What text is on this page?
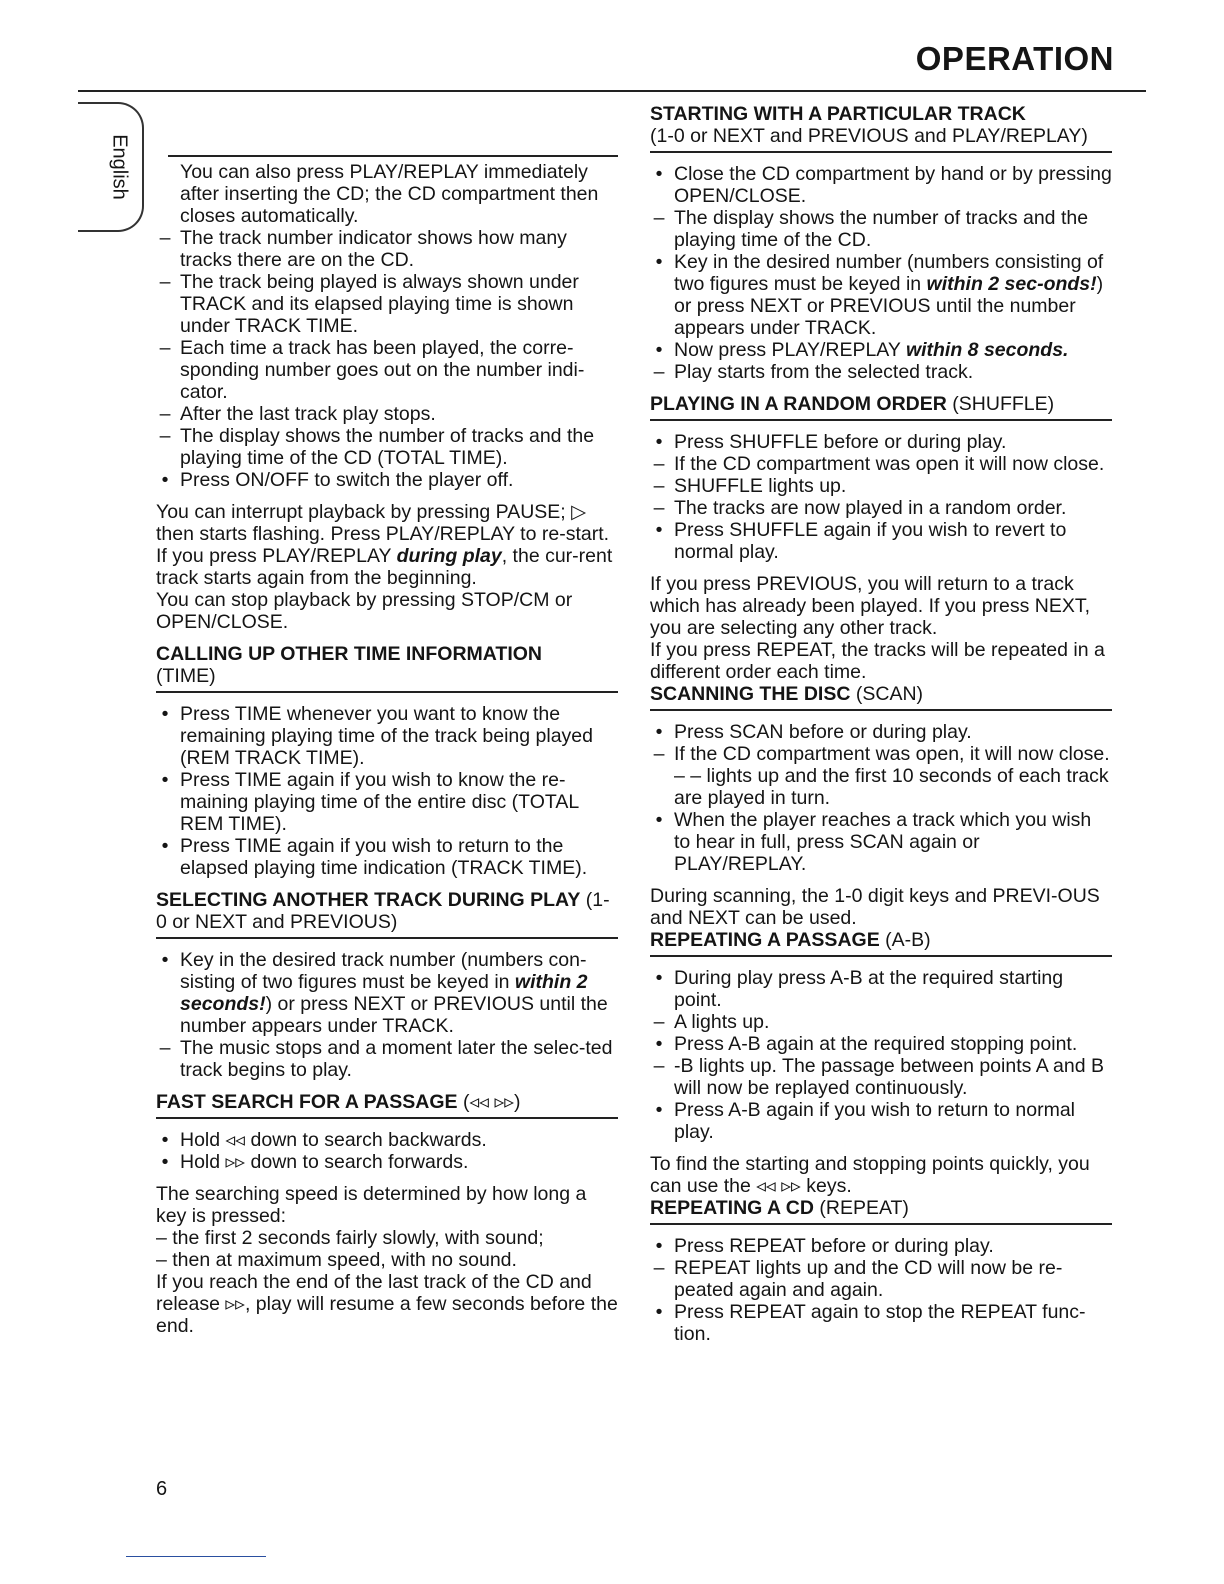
OPERATION
English	You can also press PLAY/REPLAY immediately after inserting the CD; the CD compartment then closes automatically.
– The track number indicator shows how many tracks there are on the CD.
– The track being played is always shown under TRACK and its elapsed playing time is shown under TRACK TIME.
– Each time a track has been played, the corre-sponding number goes out on the number indi-cator.
– After the last track play stops.
– The display shows the number of tracks and the playing time of the CD (TOTAL TIME).
• Press ON/OFF to switch the player off.

You can interrupt playback by pressing PAUSE; ▷ then starts flashing. Press PLAY/REPLAY to re-start.

If you press PLAY/REPLAY during play, the cur-rent track starts again from the beginning.

You can stop playback by pressing STOP/CM or OPEN/CLOSE.

CALLING UP OTHER TIME INFORMATION
(TIME)

• Press TIME whenever you want to know the remaining playing time of the track being played (REM TRACK TIME).
• Press TIME again if you wish to know the re-maining playing time of the entire disc (TOTAL REM TIME).
• Press TIME again if you wish to return to the elapsed playing time indication (TRACK TIME).

SELECTING ANOTHER TRACK DURING PLAY (1-0 or NEXT and PREVIOUS)

• Key in the desired track number (numbers con-sisting of two figures must be keyed in within 2 seconds!) or press NEXT or PREVIOUS until the number appears under TRACK.
– The music stops and a moment later the selec-ted track begins to play.

FAST SEARCH FOR A PASSAGE (◃◃ ▹▹)

• Hold ◃◃ down to search backwards.
• Hold ▹▹ down to search forwards.

The searching speed is determined by how long a key is pressed:

– the first 2 seconds fairly slowly, with sound;

– then at maximum speed, with no sound.

If you reach the end of the last track of the CD and release ▹▹, play will resume a few seconds before the end.

STARTING WITH A PARTICULAR TRACK
(1-0 or NEXT and PREVIOUS and PLAY/REPLAY)

• Close the CD compartment by hand or by pressing OPEN/CLOSE.
– The display shows the number of tracks and the playing time of the CD.
• Key in the desired number (numbers consisting of two figures must be keyed in within 2 sec-onds!) or press NEXT or PREVIOUS until the number appears under TRACK.
• Now press PLAY/REPLAY within 8 seconds.
– Play starts from the selected track.

PLAYING IN A RANDOM ORDER (SHUFFLE)

• Press SHUFFLE before or during play.
– If the CD compartment was open it will now close.
– SHUFFLE lights up.
– The tracks are now played in a random order.
• Press SHUFFLE again if you wish to revert to normal play.

If you press PREVIOUS, you will return to a track which has already been played. If you press NEXT, you are selecting any other track.

If you press REPEAT, the tracks will be repeated in a different order each time.

SCANNING THE DISC (SCAN)

• Press SCAN before or during play.
– If the CD compartment was open, it will now close. – – lights up and the first 10 seconds of each track are played in turn.
• When the player reaches a track which you wish to hear in full, press SCAN again or PLAY/REPLAY.

During scanning, the 1-0 digit keys and PREVI-OUS and NEXT can be used.

REPEATING A PASSAGE (A-B)

• During play press A-B at the required starting point.
– A lights up.
• Press A-B again at the required stopping point.
– -B lights up. The passage between points A and B will now be replayed continuously.
• Press A-B again if you wish to return to normal play.

To find the starting and stopping points quickly, you can use the ◃◃ ▹▹ keys.

REPEATING A CD (REPEAT)

• Press REPEAT before or during play.
– REPEAT lights up and the CD will now be re-peated again and again.
• Press REPEAT again to stop the REPEAT func-tion.
6
